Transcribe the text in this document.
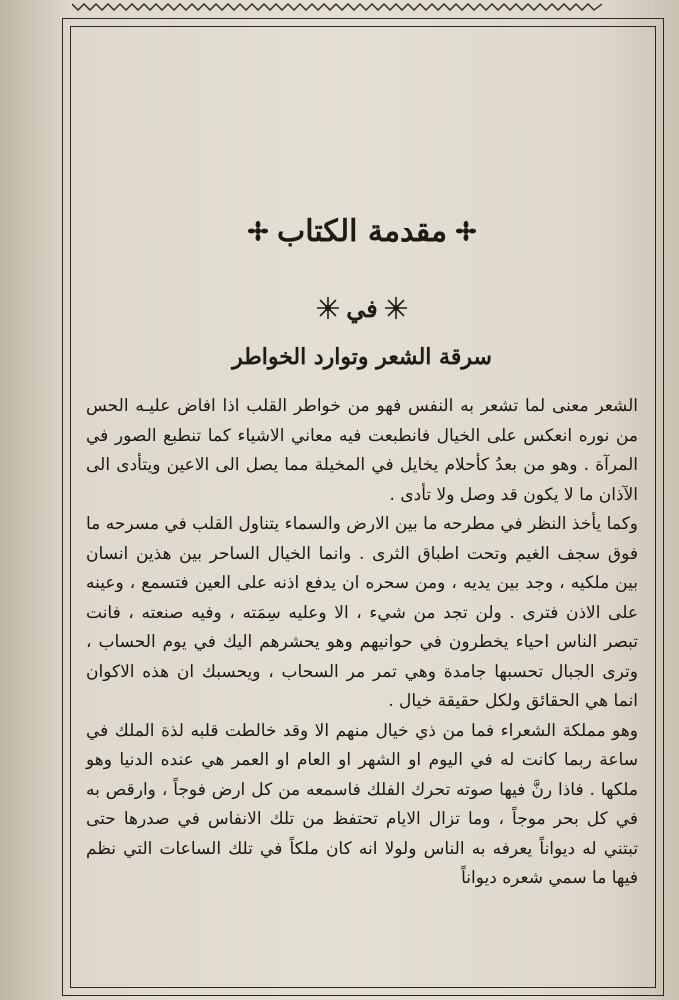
مقدمة الكتاب
في
سرقة الشعر وتوارد الخواطر

الشعر معنى لما تشعر به النفس فهو من خواطر القلب اذا افاض عليـه الحس من نوره انعكس على الخيال فانطبعت فيه معاني الاشياء كما تنطبع الصور في المرآة . وهو من بعدُ كأحلام يخايل في المخيلة مما يصل الى الاعين ويتأدى الى الآذان ما لا يكون قد وصل ولا تأدى .

وكما يأخذ النظر في مطرحه ما بين الارض والسماء يتناول القلب في مسرحه ما فوق سجف الغيم وتحت اطباق الثرى . وانما الخيال الساحر بين هذين انسان بين ملكيه ، وجد بين يديه ، ومن سحره ان يدفع اذنه على العين فتسمع ، وعينه على الاذن فترى . ولن تجد من شيء ، الا وعليه سِمَته ، وفيه صنعته ، فانت تبصر الناس احياء يخطرون في حوانيهم وهو يحشرهم اليك في يوم الحساب ، وترى الجبال تحسبها جامدة وهي تمر مر السحاب ، ويحسبك ان هذه الاكوان انما هي الحقائق ولكل حقيقة خيال .

وهو مملكة الشعراء فما من ذي خيال منهم الا وقد خالطت قلبه لذة الملك في ساعة ربما كانت له في اليوم او الشهر او العام او العمر هي عنده الدنيا وهو ملكها . فاذا رنَّ فيها صوته تحرك الفلك فاسمعه من كل ارض فوجاً ، وارقص به في كل بحر موجاً ، وما تزال الايام تحتفظ من تلك الانفاس في صدرها حتى تبتني له ديواناً يعرفه به الناس ولولا انه كان ملكاً في تلك الساعات التي نظم فيها ما سمي شعره ديواناً
